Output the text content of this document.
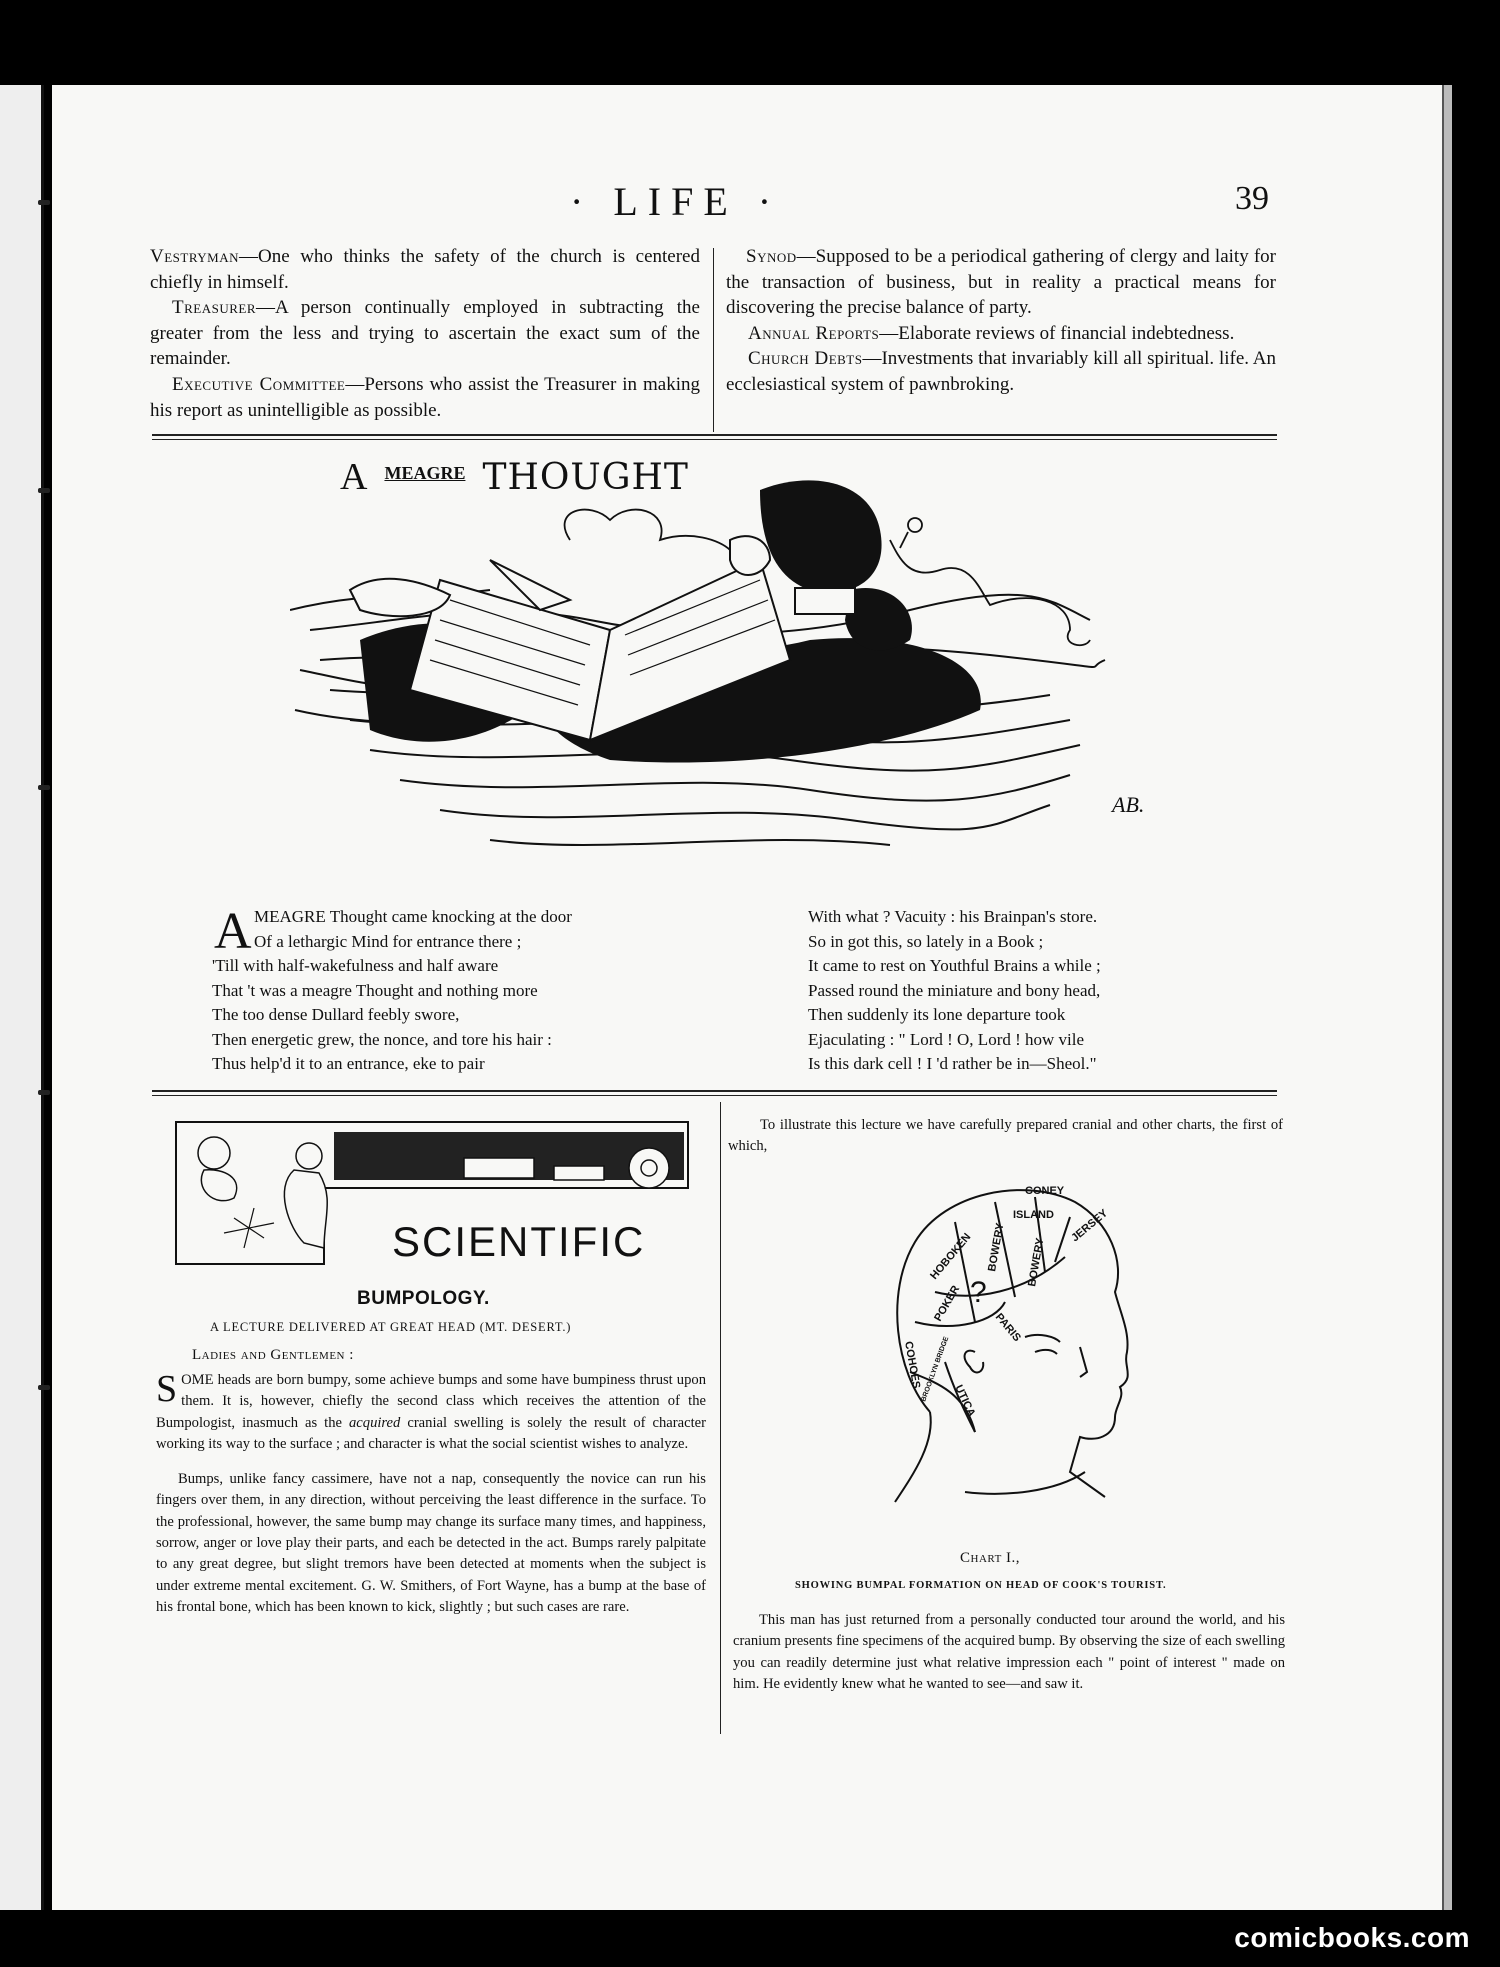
· LIFE ·	39

Vestryman—One who thinks the safety of the church is centered chiefly in himself.

Treasurer—A person continually employed in subtracting the greater from the less and trying to ascertain the exact sum of the remainder.

Executive Committee—Persons who assist the Treasurer in making his report as unintelligible as possible.

Synod—Supposed to be a periodical gathering of clergy and laity for the transaction of business, but in reality a practical means for discovering the precise balance of party.

Annual Reports—Elaborate reviews of financial indebtedness.

Church Debts—Investments that invariably kill all spiritual. life. An ecclesiastical system of pawnbroking.

A $^{MEAGRE}$ THOUGHT
AB.
A MEAGRE Thought came knocking at the door
Of a lethargic Mind for entrance there ;
'Till with half-wakefulness and half aware
That 't was a meagre Thought and nothing more
The too dense Dullard feebly swore,
Then energetic grew, the nonce, and tore his hair :
Thus help'd it to an entrance, eke to pair
With what ? Vacuity : his Brainpan's store.
So in got this, so lately in a Book ;
It came to rest on Youthful Brains a while ;
Passed round the miniature and bony head,
Then suddenly its lone departure took
Ejaculating : " Lord ! O, Lord ! how vile
Is this dark cell ! I 'd rather be in—Sheol."
SCIENTIFIC
BUMPOLOGY.
A LECTURE DELIVERED AT GREAT HEAD (MT. DESERT.)
Ladies and Gentlemen :

SOME heads are born bumpy, some achieve bumps and some have bumpiness thrust upon them. It is, however, chiefly the second class which receives the attention of the Bumpologist, inasmuch as the acquired cranial swelling is solely the result of character working its way to the surface ; and character is what the social scientist wishes to analyze.

Bumps, unlike fancy cassimere, have not a nap, consequently the novice can run his fingers over them, in any direction, without perceiving the least difference in the surface. To the professional, however, the same bump may change its surface many times, and happiness, sorrow, anger or love play their parts, and each be detected in the act. Bumps rarely palpitate to any great degree, but slight tremors have been detected at moments when the subject is under extreme mental excitement. G. W. Smithers, of Fort Wayne, has a bump at the base of his frontal bone, which has been known to kick, slightly ; but such cases are rare.

To illustrate this lecture we have carefully prepared cranial and other charts, the first of which,
CONEY
ISLAND JERSEY
BOWERY BOWERY
HOBOKEN
POKER ?
PARIS
COHOES
UTICA
BROOKLYN BRIDGE
Chart I.,
SHOWING BUMPAL FORMATION ON HEAD OF COOK'S TOURIST.
This man has just returned from a personally conducted tour around the world, and his cranium presents fine specimens of the acquired bump. By observing the size of each swelling you can readily determine just what relative impression each " point of interest " made on him. He evidently knew what he wanted to see—and saw it.
comicbooks.com
